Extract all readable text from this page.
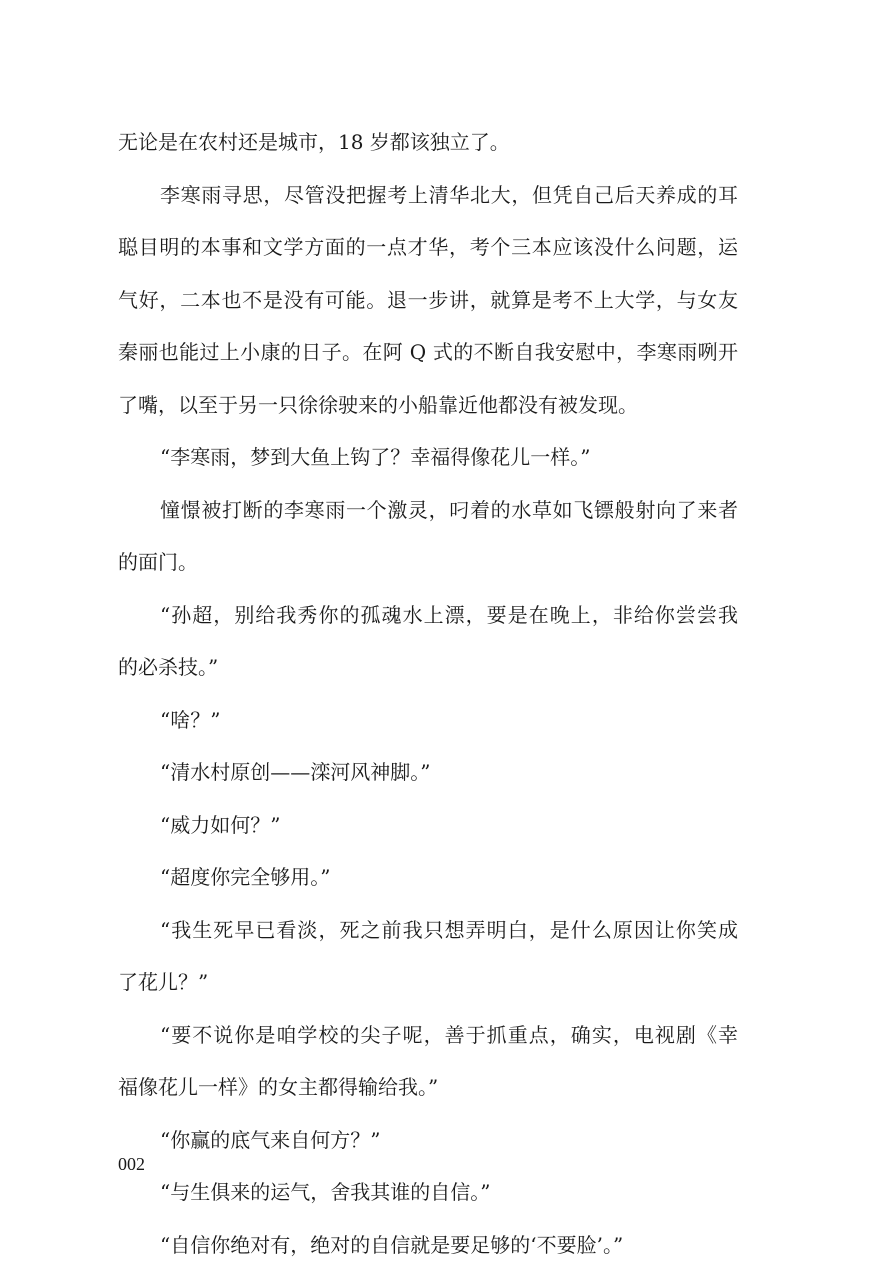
无论是在农村还是城市，18 岁都该独立了。
李寒雨寻思，尽管没把握考上清华北大，但凭自己后天养成的耳
聪目明的本事和文学方面的一点才华，考个三本应该没什么问题，运
气好，二本也不是没有可能。退一步讲，就算是考不上大学，与女友
秦丽也能过上小康的日子。在阿 Q 式的不断自我安慰中，李寒雨咧开
了嘴，以至于另一只徐徐驶来的小船靠近他都没有被发现。
“李寒雨，梦到大鱼上钩了？幸福得像花儿一样。”
憧憬被打断的李寒雨一个激灵，叼着的水草如飞镖般射向了来者
的面门。
“孙超，别给我秀你的孤魂水上漂，要是在晚上，非给你尝尝我
的必杀技。”
“啥？”
“清水村原创——滦河风神脚。”
“威力如何？”
“超度你完全够用。”
“我生死早已看淡，死之前我只想弄明白，是什么原因让你笑成
了花儿？”
“要不说你是咱学校的尖子呢，善于抓重点，确实，电视剧《幸
福像花儿一样》的女主都得输给我。”
“你赢的底气来自何方？”
“与生俱来的运气，舍我其谁的自信。”
“自信你绝对有，绝对的自信就是要足够的‘不要脸’。”
002
